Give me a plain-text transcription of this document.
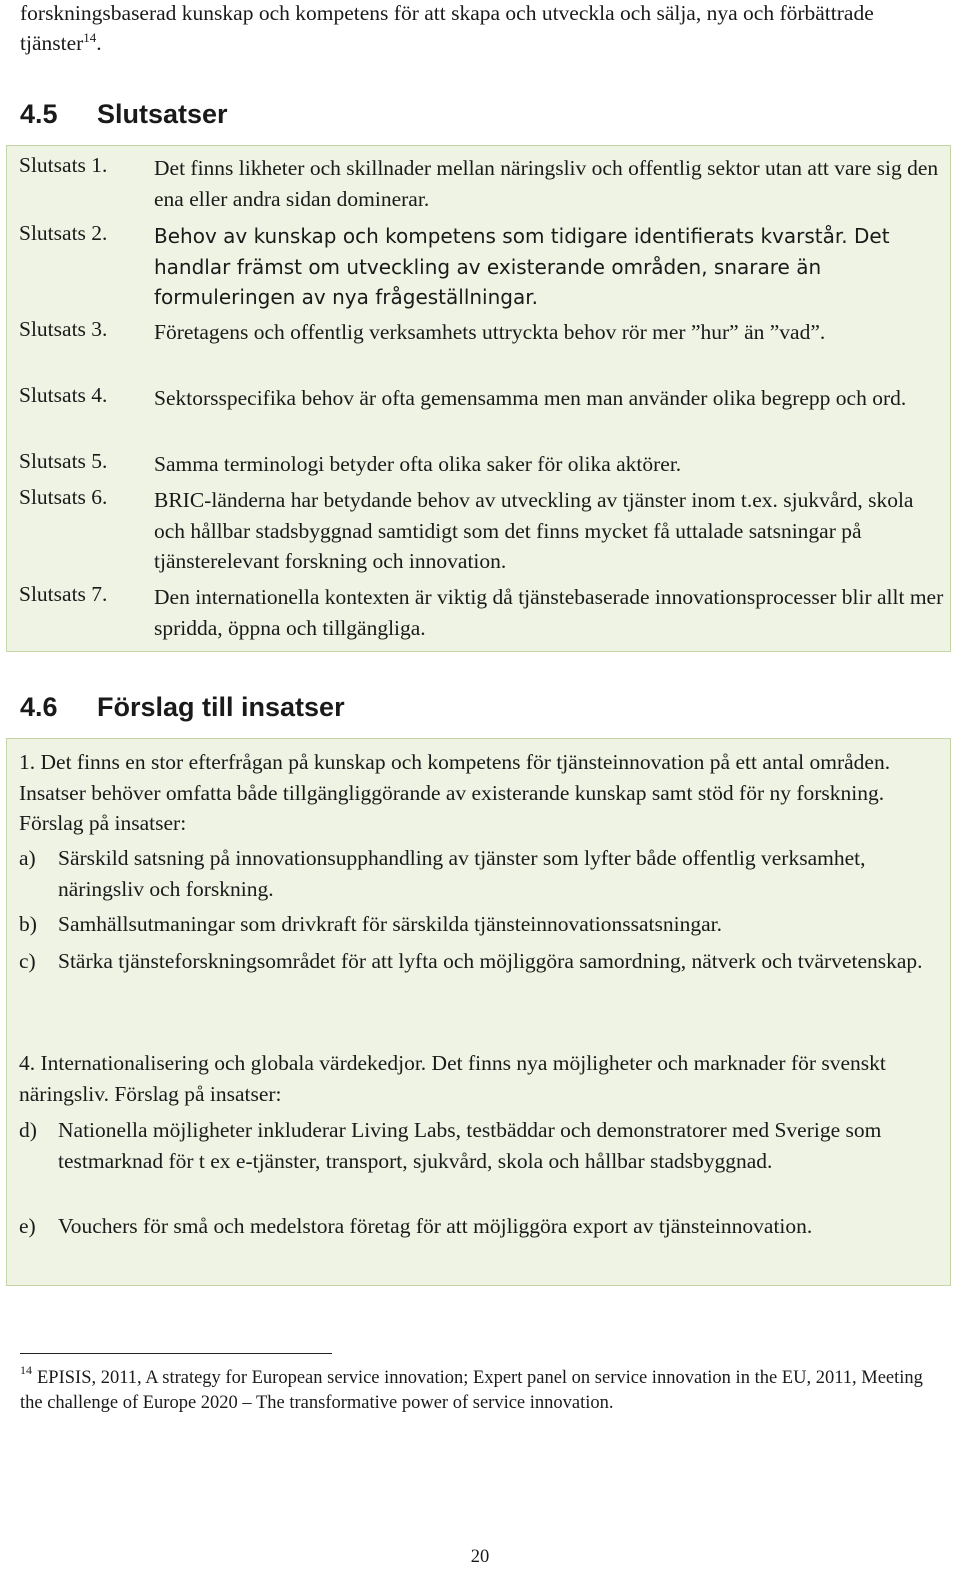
forskningsbaserad kunskap och kompetens för att skapa och utveckla och sälja, nya och förbättrade tjänster$^{14}$.
4.5 Slutsatser
Slutsats 1. Det finns likheter och skillnader mellan näringsliv och offentlig sektor utan att vare sig den ena eller andra sidan dominerar.
Slutsats 2. Behov av kunskap och kompetens som tidigare identifierats kvarstår. Det handlar främst om utveckling av existerande områden, snarare än formuleringen av nya frågeställningar.
Slutsats 3. Företagens och offentlig verksamhets uttryckta behov rör mer ”hur” än ”vad”.
Slutsats 4. Sektorsspecifika behov är ofta gemensamma men man använder olika begrepp och ord.
Slutsats 5. Samma terminologi betyder ofta olika saker för olika aktörer.
Slutsats 6. BRIC-länderna har betydande behov av utveckling av tjänster inom t.ex. sjukvård, skola och hållbar stadsbyggnad samtidigt som det finns mycket få uttalade satsningar på tjänsterelevant forskning och innovation.
Slutsats 7. Den internationella kontexten är viktig då tjänstebaserade innovationsprocesser blir allt mer spridda, öppna och tillgängliga.
4.6 Förslag till insatser
1. Det finns en stor efterfrågan på kunskap och kompetens för tjänsteinnovation på ett antal områden. Insatser behöver omfatta både tillgängliggörande av existerande kunskap samt stöd för ny forskning. Förslag på insatser:
a) Särskild satsning på innovationsupphandling av tjänster som lyfter både offentlig verksamhet, näringsliv och forskning.
b) Samhällsutmaningar som drivkraft för särskilda tjänsteinnovationssatsningar.
c) Stärka tjänsteforskningsområdet för att lyfta och möjliggöra samordning, nätverk och tvärvetenskap.
4. Internationalisering och globala värdekedjor. Det finns nya möjligheter och marknader för svenskt näringsliv. Förslag på insatser:
d) Nationella möjligheter inkluderar Living Labs, testbäddar och demonstratorer med Sverige som testmarknad för t ex e-tjänster, transport, sjukvård, skola och hållbar stadsbyggnad.
e) Vouchers för små och medelstora företag för att möjliggöra export av tjänsteinnovation.
$^{14}$ EPISIS, 2011, A strategy for European service innovation; Expert panel on service innovation in the EU, 2011, Meeting the challenge of Europe 2020 – The transformative power of service innovation.
20
